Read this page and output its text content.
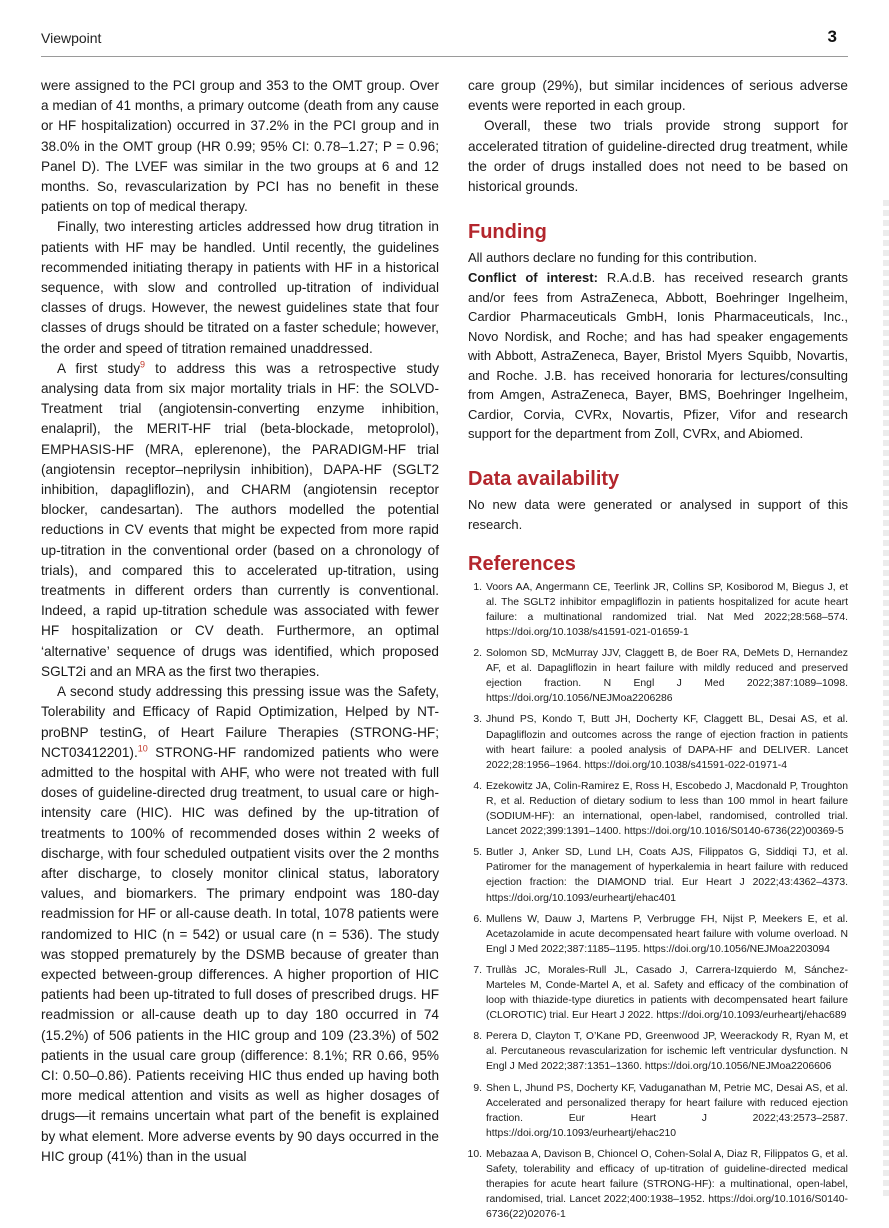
Viewpoint	3

were assigned to the PCI group and 353 to the OMT group. Over a median of 41 months, a primary outcome (death from any cause or HF hospitalization) occurred in 37.2% in the PCI group and in 38.0% in the OMT group (HR 0.99; 95% CI: 0.78–1.27; P = 0.96; Panel D). The LVEF was similar in the two groups at 6 and 12 months. So, revascularization by PCI has no benefit in these patients on top of medical therapy.

Finally, two interesting articles addressed how drug titration in patients with HF may be handled. Until recently, the guidelines recommended initiating therapy in patients with HF in a historical sequence, with slow and controlled up-titration of individual classes of drugs. However, the newest guidelines state that four classes of drugs should be titrated on a faster schedule; however, the order and speed of titration remained unaddressed.

A first study$^9$ to address this was a retrospective study analysing data from six major mortality trials in HF: the SOLVD-Treatment trial (angiotensin-converting enzyme inhibition, enalapril), the MERIT-HF trial (beta-blockade, metoprolol), EMPHASIS-HF (MRA, eplerenone), the PARADIGM-HF trial (angiotensin receptor–neprilysin inhibition), DAPA-HF (SGLT2 inhibition, dapagliflozin), and CHARM (angiotensin receptor blocker, candesartan). The authors modelled the potential reductions in CV events that might be expected from more rapid up-titration in the conventional order (based on a chronology of trials), and compared this to accelerated up-titration, using treatments in different orders than currently is conventional. Indeed, a rapid up-titration schedule was associated with fewer HF hospitalization or CV death. Furthermore, an optimal ‘alternative’ sequence of drugs was identified, which proposed SGLT2i and an MRA as the first two therapies.

A second study addressing this pressing issue was the Safety, Tolerability and Efficacy of Rapid Optimization, Helped by NT-proBNP testinG, of Heart Failure Therapies (STRONG-HF; NCT03412201).$^{10}$ STRONG-HF randomized patients who were admitted to the hospital with AHF, who were not treated with full doses of guideline-directed drug treatment, to usual care or high-intensity care (HIC). HIC was defined by the up-titration of treatments to 100% of recommended doses within 2 weeks of discharge, with four scheduled outpatient visits over the 2 months after discharge, to closely monitor clinical status, laboratory values, and biomarkers. The primary endpoint was 180-day readmission for HF or all-cause death. In total, 1078 patients were randomized to HIC (n = 542) or usual care (n = 536). The study was stopped prematurely by the DSMB because of greater than expected between-group differences. A higher proportion of HIC patients had been up-titrated to full doses of prescribed drugs. HF readmission or all-cause death up to day 180 occurred in 74 (15.2%) of 506 patients in the HIC group and 109 (23.3%) of 502 patients in the usual care group (difference: 8.1%; RR 0.66, 95% CI: 0.50–0.86). Patients receiving HIC thus ended up having both more medical attention and visits as well as higher dosages of drugs—it remains uncertain what part of the benefit is explained by what element. More adverse events by 90 days occurred in the HIC group (41%) than in the usual

care group (29%), but similar incidences of serious adverse events were reported in each group.

Overall, these two trials provide strong support for accelerated titration of guideline-directed drug treatment, while the order of drugs installed does not need to be based on historical grounds.

Funding

All authors declare no funding for this contribution.

Conflict of interest: R.A.d.B. has received research grants and/or fees from AstraZeneca, Abbott, Boehringer Ingelheim, Cardior Pharmaceuticals GmbH, Ionis Pharmaceuticals, Inc., Novo Nordisk, and Roche; and has had speaker engagements with Abbott, AstraZeneca, Bayer, Bristol Myers Squibb, Novartis, and Roche. J.B. has received honoraria for lectures/consulting from Amgen, AstraZeneca, Bayer, BMS, Boehringer Ingelheim, Cardior, Corvia, CVRx, Novartis, Pfizer, Vifor and research support for the department from Zoll, CVRx, and Abiomed.

Data availability

No new data were generated or analysed in support of this research.

References
1. Voors AA, Angermann CE, Teerlink JR, Collins SP, Kosiborod M, Biegus J, et al. The SGLT2 inhibitor empagliflozin in patients hospitalized for acute heart failure: a multinational randomized trial. Nat Med 2022;28:568–574. https://doi.org/10.1038/s41591-021-01659-1
2. Solomon SD, McMurray JJV, Claggett B, de Boer RA, DeMets D, Hernandez AF, et al. Dapagliflozin in heart failure with mildly reduced and preserved ejection fraction. N Engl J Med 2022;387:1089–1098. https://doi.org/10.1056/NEJMoa2206286
3. Jhund PS, Kondo T, Butt JH, Docherty KF, Claggett BL, Desai AS, et al. Dapagliflozin and outcomes across the range of ejection fraction in patients with heart failure: a pooled analysis of DAPA-HF and DELIVER. Lancet 2022;28:1956–1964. https://doi.org/10.1038/s41591-022-01971-4
4. Ezekowitz JA, Colin-Ramirez E, Ross H, Escobedo J, Macdonald P, Troughton R, et al. Reduction of dietary sodium to less than 100 mmol in heart failure (SODIUM-HF): an international, open-label, randomised, controlled trial. Lancet 2022;399:1391–1400. https://doi.org/10.1016/S0140-6736(22)00369-5
5. Butler J, Anker SD, Lund LH, Coats AJS, Filippatos G, Siddiqi TJ, et al. Patiromer for the management of hyperkalemia in heart failure with reduced ejection fraction: the DIAMOND trial. Eur Heart J 2022;43:4362–4373. https://doi.org/10.1093/eurheartj/ehac401
6. Mullens W, Dauw J, Martens P, Verbrugge FH, Nijst P, Meekers E, et al. Acetazolamide in acute decompensated heart failure with volume overload. N Engl J Med 2022;387:1185–1195. https://doi.org/10.1056/NEJMoa2203094
7. Trullàs JC, Morales-Rull JL, Casado J, Carrera-Izquierdo M, Sánchez-Marteles M, Conde-Martel A, et al. Safety and efficacy of the combination of loop with thiazide-type diuretics in patients with decompensated heart failure (CLOROTIC) trial. Eur Heart J 2022. https://doi.org/10.1093/eurheartj/ehac689
8. Perera D, Clayton T, O’Kane PD, Greenwood JP, Weerackody R, Ryan M, et al. Percutaneous revascularization for ischemic left ventricular dysfunction. N Engl J Med 2022;387:1351–1360. https://doi.org/10.1056/NEJMoa2206606
9. Shen L, Jhund PS, Docherty KF, Vaduganathan M, Petrie MC, Desai AS, et al. Accelerated and personalized therapy for heart failure with reduced ejection fraction. Eur Heart J 2022;43:2573–2587. https://doi.org/10.1093/eurheartj/ehac210
10. Mebazaa A, Davison B, Chioncel O, Cohen-Solal A, Diaz R, Filippatos G, et al. Safety, tolerability and efficacy of up-titration of guideline-directed medical therapies for acute heart failure (STRONG-HF): a multinational, open-label, randomised, trial. Lancet 2022;400:1938–1952. https://doi.org/10.1016/S0140-6736(22)02076-1
